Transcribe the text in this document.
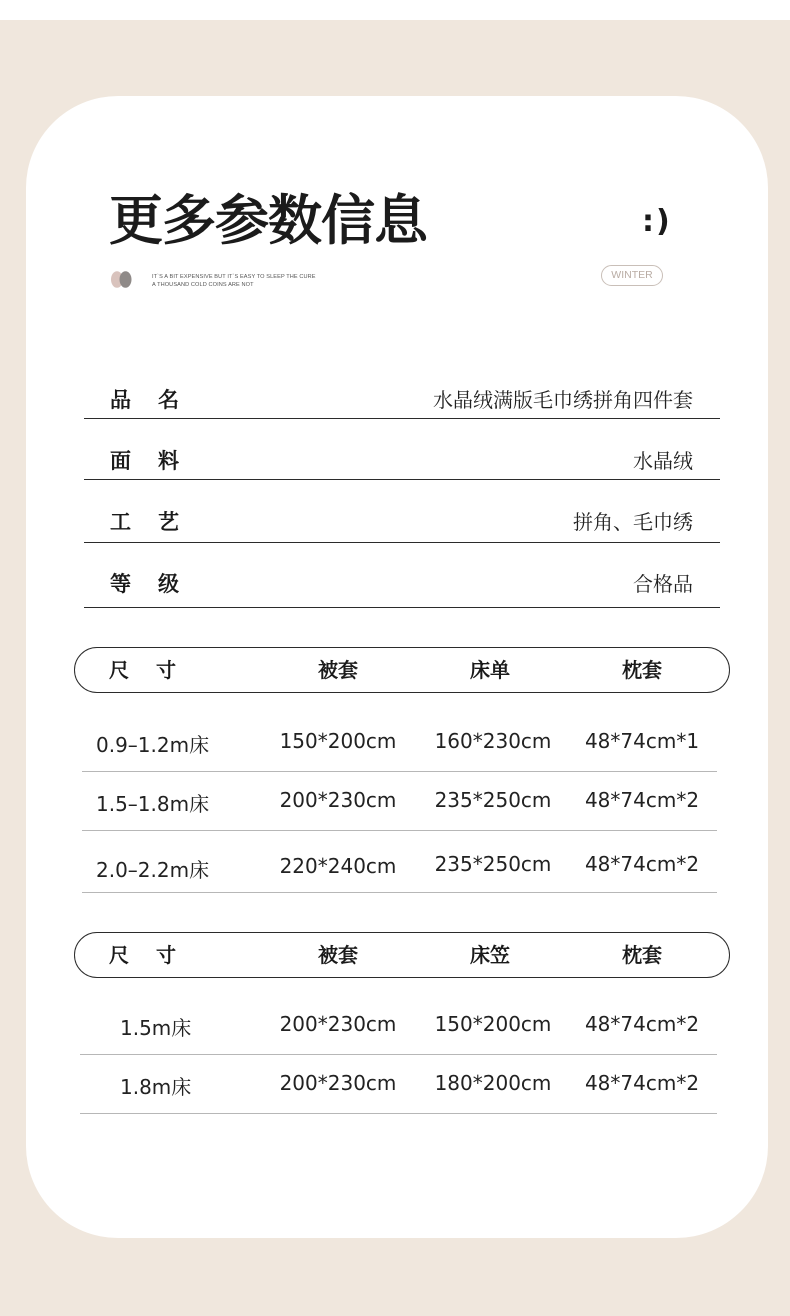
更多参数信息	:)
IT`S A BIT EXPENSIVE BUT IT`S EASY TO SLEEP THE CURE
A THOUSAND COLD COINS ARE NOT
WINTER
品名	水晶绒满版毛巾绣拼角四件套
面料	水晶绒
工艺	拼角、毛巾绣
等级	合格品
尺寸	被套	床单	枕套
0.9–1.2m床	150*200cm 160*230cm 48*74cm*1
1.5–1.8m床	200*230cm 235*250cm 48*74cm*2
2.0–2.2m床	220*240cm 235*250cm 48*74cm*2
尺寸	被套	床笠	枕套
1.5m床	200*230cm 150*200cm 48*74cm*2
1.8m床	200*230cm 180*200cm 48*74cm*2
